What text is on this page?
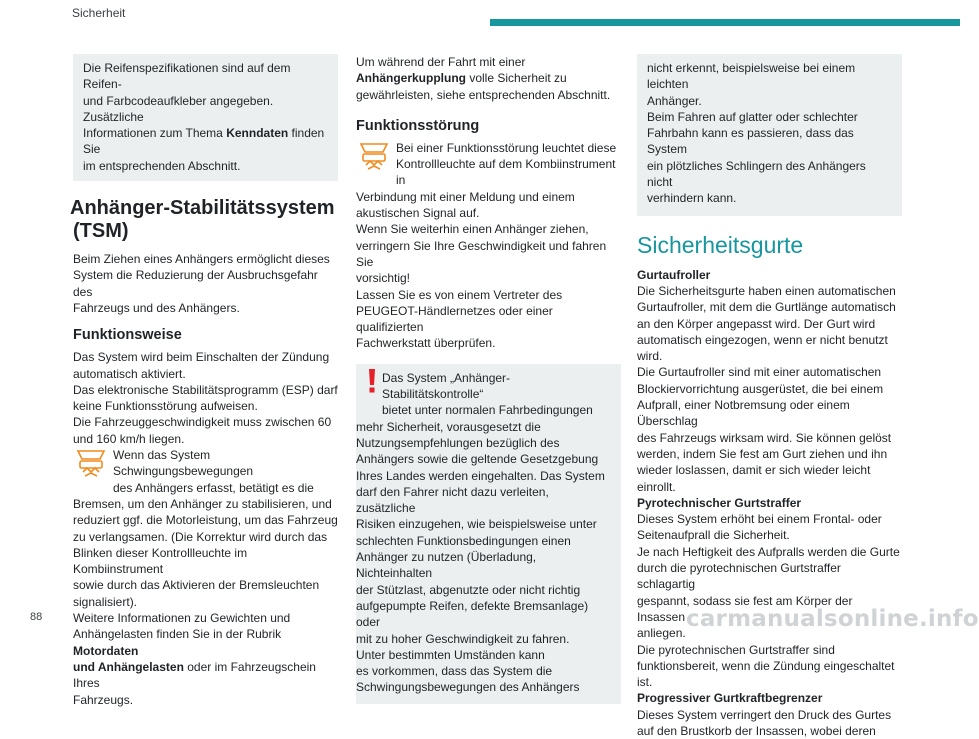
Sicherheit
Die Reifenspezifikationen sind auf dem Reifen-
und Farbcodeaufkleber angegeben. Zusätzliche
Informationen zum Thema Kenndaten finden Sie
im entsprechenden Abschnitt.
Anhänger-Stabilitätssystem
(TSM)
Beim Ziehen eines Anhängers ermöglicht dieses
System die Reduzierung der Ausbruchsgefahr des
Fahrzeugs und des Anhängers.
Funktionsweise
Das System wird beim Einschalten der Zündung
automatisch aktiviert.
Das elektronische Stabilitätsprogramm (ESP) darf
keine Funktionsstörung aufweisen.
Die Fahrzeuggeschwindigkeit muss zwischen 60
und 160 km/h liegen.
Wenn das System Schwingungsbewegungen
des Anhängers erfasst, betätigt es die
Bremsen, um den Anhänger zu stabilisieren, und
reduziert ggf. die Motorleistung, um das Fahrzeug
zu verlangsamen. (Die Korrektur wird durch das
Blinken dieser Kontrollleuchte im Kombiinstrument
sowie durch das Aktivieren der Bremsleuchten
signalisiert).
Weitere Informationen zu Gewichten und
Anhängelasten finden Sie in der Rubrik Motordaten
und Anhängelasten oder im Fahrzeugschein Ihres
Fahrzeugs.
Um während der Fahrt mit einer
Anhängerkupplung volle Sicherheit zu
gewährleisten, siehe entsprechenden Abschnitt.
Funktionsstörung
Bei einer Funktionsstörung leuchtet diese
Kontrollleuchte auf dem Kombiinstrument in
Verbindung mit einer Meldung und einem
akustischen Signal auf.
Wenn Sie weiterhin einen Anhänger ziehen,
verringern Sie Ihre Geschwindigkeit und fahren Sie
vorsichtig!
Lassen Sie es von einem Vertreter des
PEUGEOT-Händlernetzes oder einer qualifizierten
Fachwerkstatt überprüfen.
Das System „Anhänger-Stabilitätskontrolle“
bietet unter normalen Fahrbedingungen
mehr Sicherheit, vorausgesetzt die
Nutzungsempfehlungen bezüglich des
Anhängers sowie die geltende Gesetzgebung
Ihres Landes werden eingehalten. Das System
darf den Fahrer nicht dazu verleiten, zusätzliche
Risiken einzugehen, wie beispielsweise unter
schlechten Funktionsbedingungen einen
Anhänger zu nutzen (Überladung, Nichteinhalten
der Stützlast, abgenutzte oder nicht richtig
aufgepumpte Reifen, defekte Bremsanlage) oder
mit zu hoher Geschwindigkeit zu fahren.
Unter bestimmten Umständen kann
es vorkommen, dass das System die
Schwingungsbewegungen des Anhängers
nicht erkennt, beispielsweise bei einem leichten
Anhänger.
Beim Fahren auf glatter oder schlechter
Fahrbahn kann es passieren, dass das System
ein plötzliches Schlingern des Anhängers nicht
verhindern kann.
Sicherheitsgurte
Gurtaufroller
Die Sicherheitsgurte haben einen automatischen
Gurtaufroller, mit dem die Gurtlänge automatisch
an den Körper angepasst wird. Der Gurt wird
automatisch eingezogen, wenn er nicht benutzt wird.
Die Gurtaufroller sind mit einer automatischen
Blockiervorrichtung ausgerüstet, die bei einem
Aufprall, einer Notbremsung oder einem Überschlag
des Fahrzeugs wirksam wird. Sie können gelöst
werden, indem Sie fest am Gurt ziehen und ihn
wieder loslassen, damit er sich wieder leicht einrollt.
Pyrotechnischer Gurtstraffer
Dieses System erhöht bei einem Frontal- oder
Seitenaufprall die Sicherheit.
Je nach Heftigkeit des Aufpralls werden die Gurte
durch die pyrotechnischen Gurtstraffer schlagartig
gespannt, sodass sie fest am Körper der Insassen
anliegen.
Die pyrotechnischen Gurtstraffer sind
funktionsbereit, wenn die Zündung eingeschaltet ist.
Progressiver Gurtkraftbegrenzer
Dieses System verringert den Druck des Gurtes
auf den Brustkorb der Insassen, wobei deren
88	carmanualsonline.info
